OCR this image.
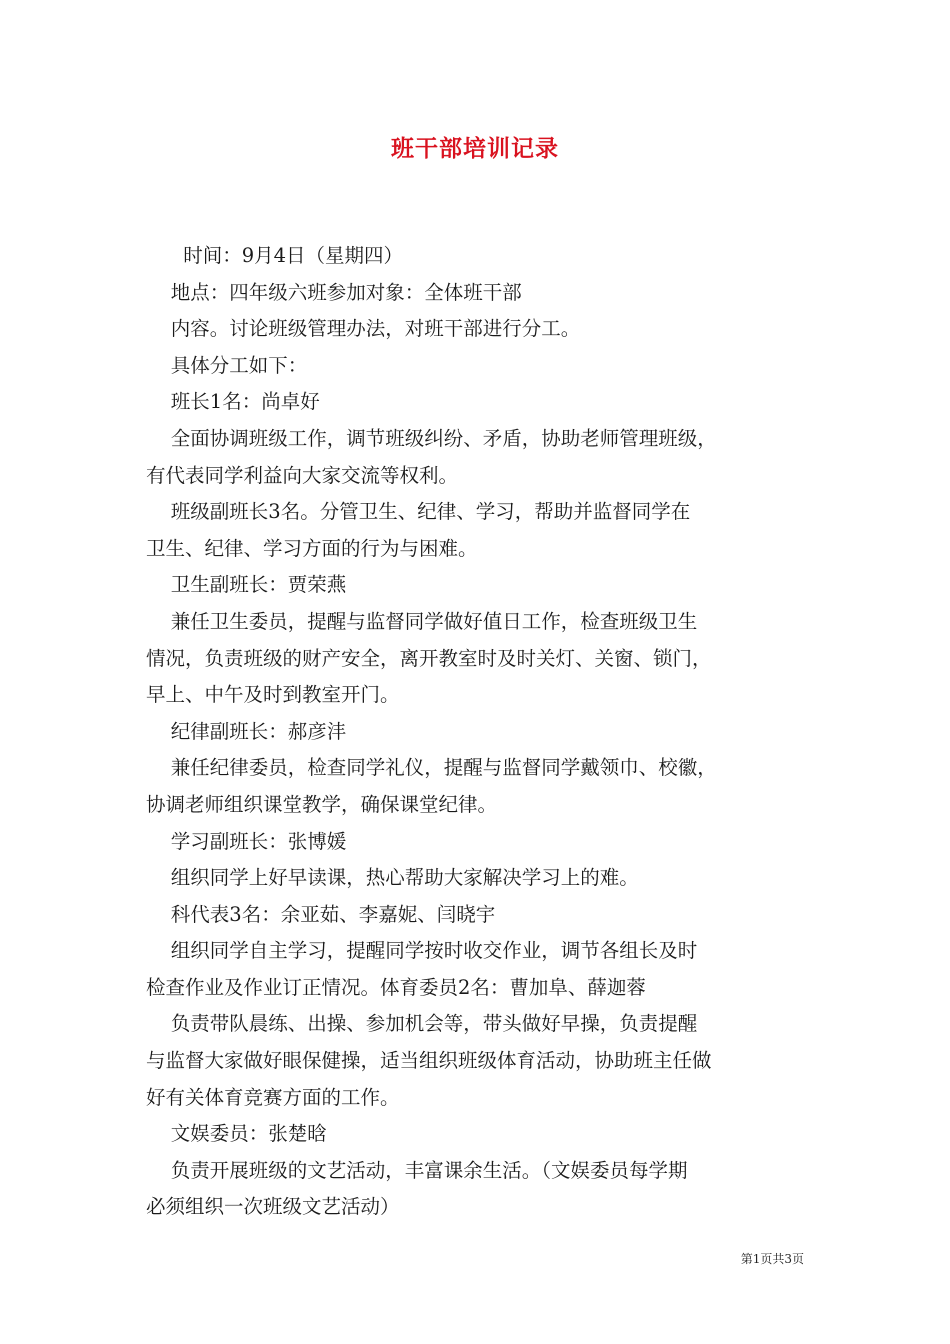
班干部培训记录
时间：9月4日（星期四）
地点：四年级六班参加对象：全体班干部
内容。讨论班级管理办法，对班干部进行分工。
具体分工如下：
班长1名：尚卓好
全面协调班级工作，调节班级纠纷、矛盾，协助老师管理班级，
有代表同学利益向大家交流等权利。
班级副班长3名。分管卫生、纪律、学习，帮助并监督同学在
卫生、纪律、学习方面的行为与困难。
卫生副班长：贾荣燕
兼任卫生委员，提醒与监督同学做好值日工作，检查班级卫生
情况，负责班级的财产安全，离开教室时及时关灯、关窗、锁门，
早上、中午及时到教室开门。
纪律副班长：郝彦沣
兼任纪律委员，检查同学礼仪，提醒与监督同学戴领巾、校徽，
协调老师组织课堂教学，确保课堂纪律。
学习副班长：张博媛
组织同学上好早读课，热心帮助大家解决学习上的难。
科代表3名：余亚茹、李嘉妮、闫晓宇
组织同学自主学习，提醒同学按时收交作业，调节各组长及时
检查作业及作业订正情况。体育委员2名：曹加阜、薛迦蓉
负责带队晨练、出操、参加机会等，带头做好早操，负责提醒
与监督大家做好眼保健操，适当组织班级体育活动，协助班主任做
好有关体育竞赛方面的工作。
文娱委员：张楚晗
负责开展班级的文艺活动，丰富课余生活。（文娱委员每学期
必须组织一次班级文艺活动）
第1页共3页
